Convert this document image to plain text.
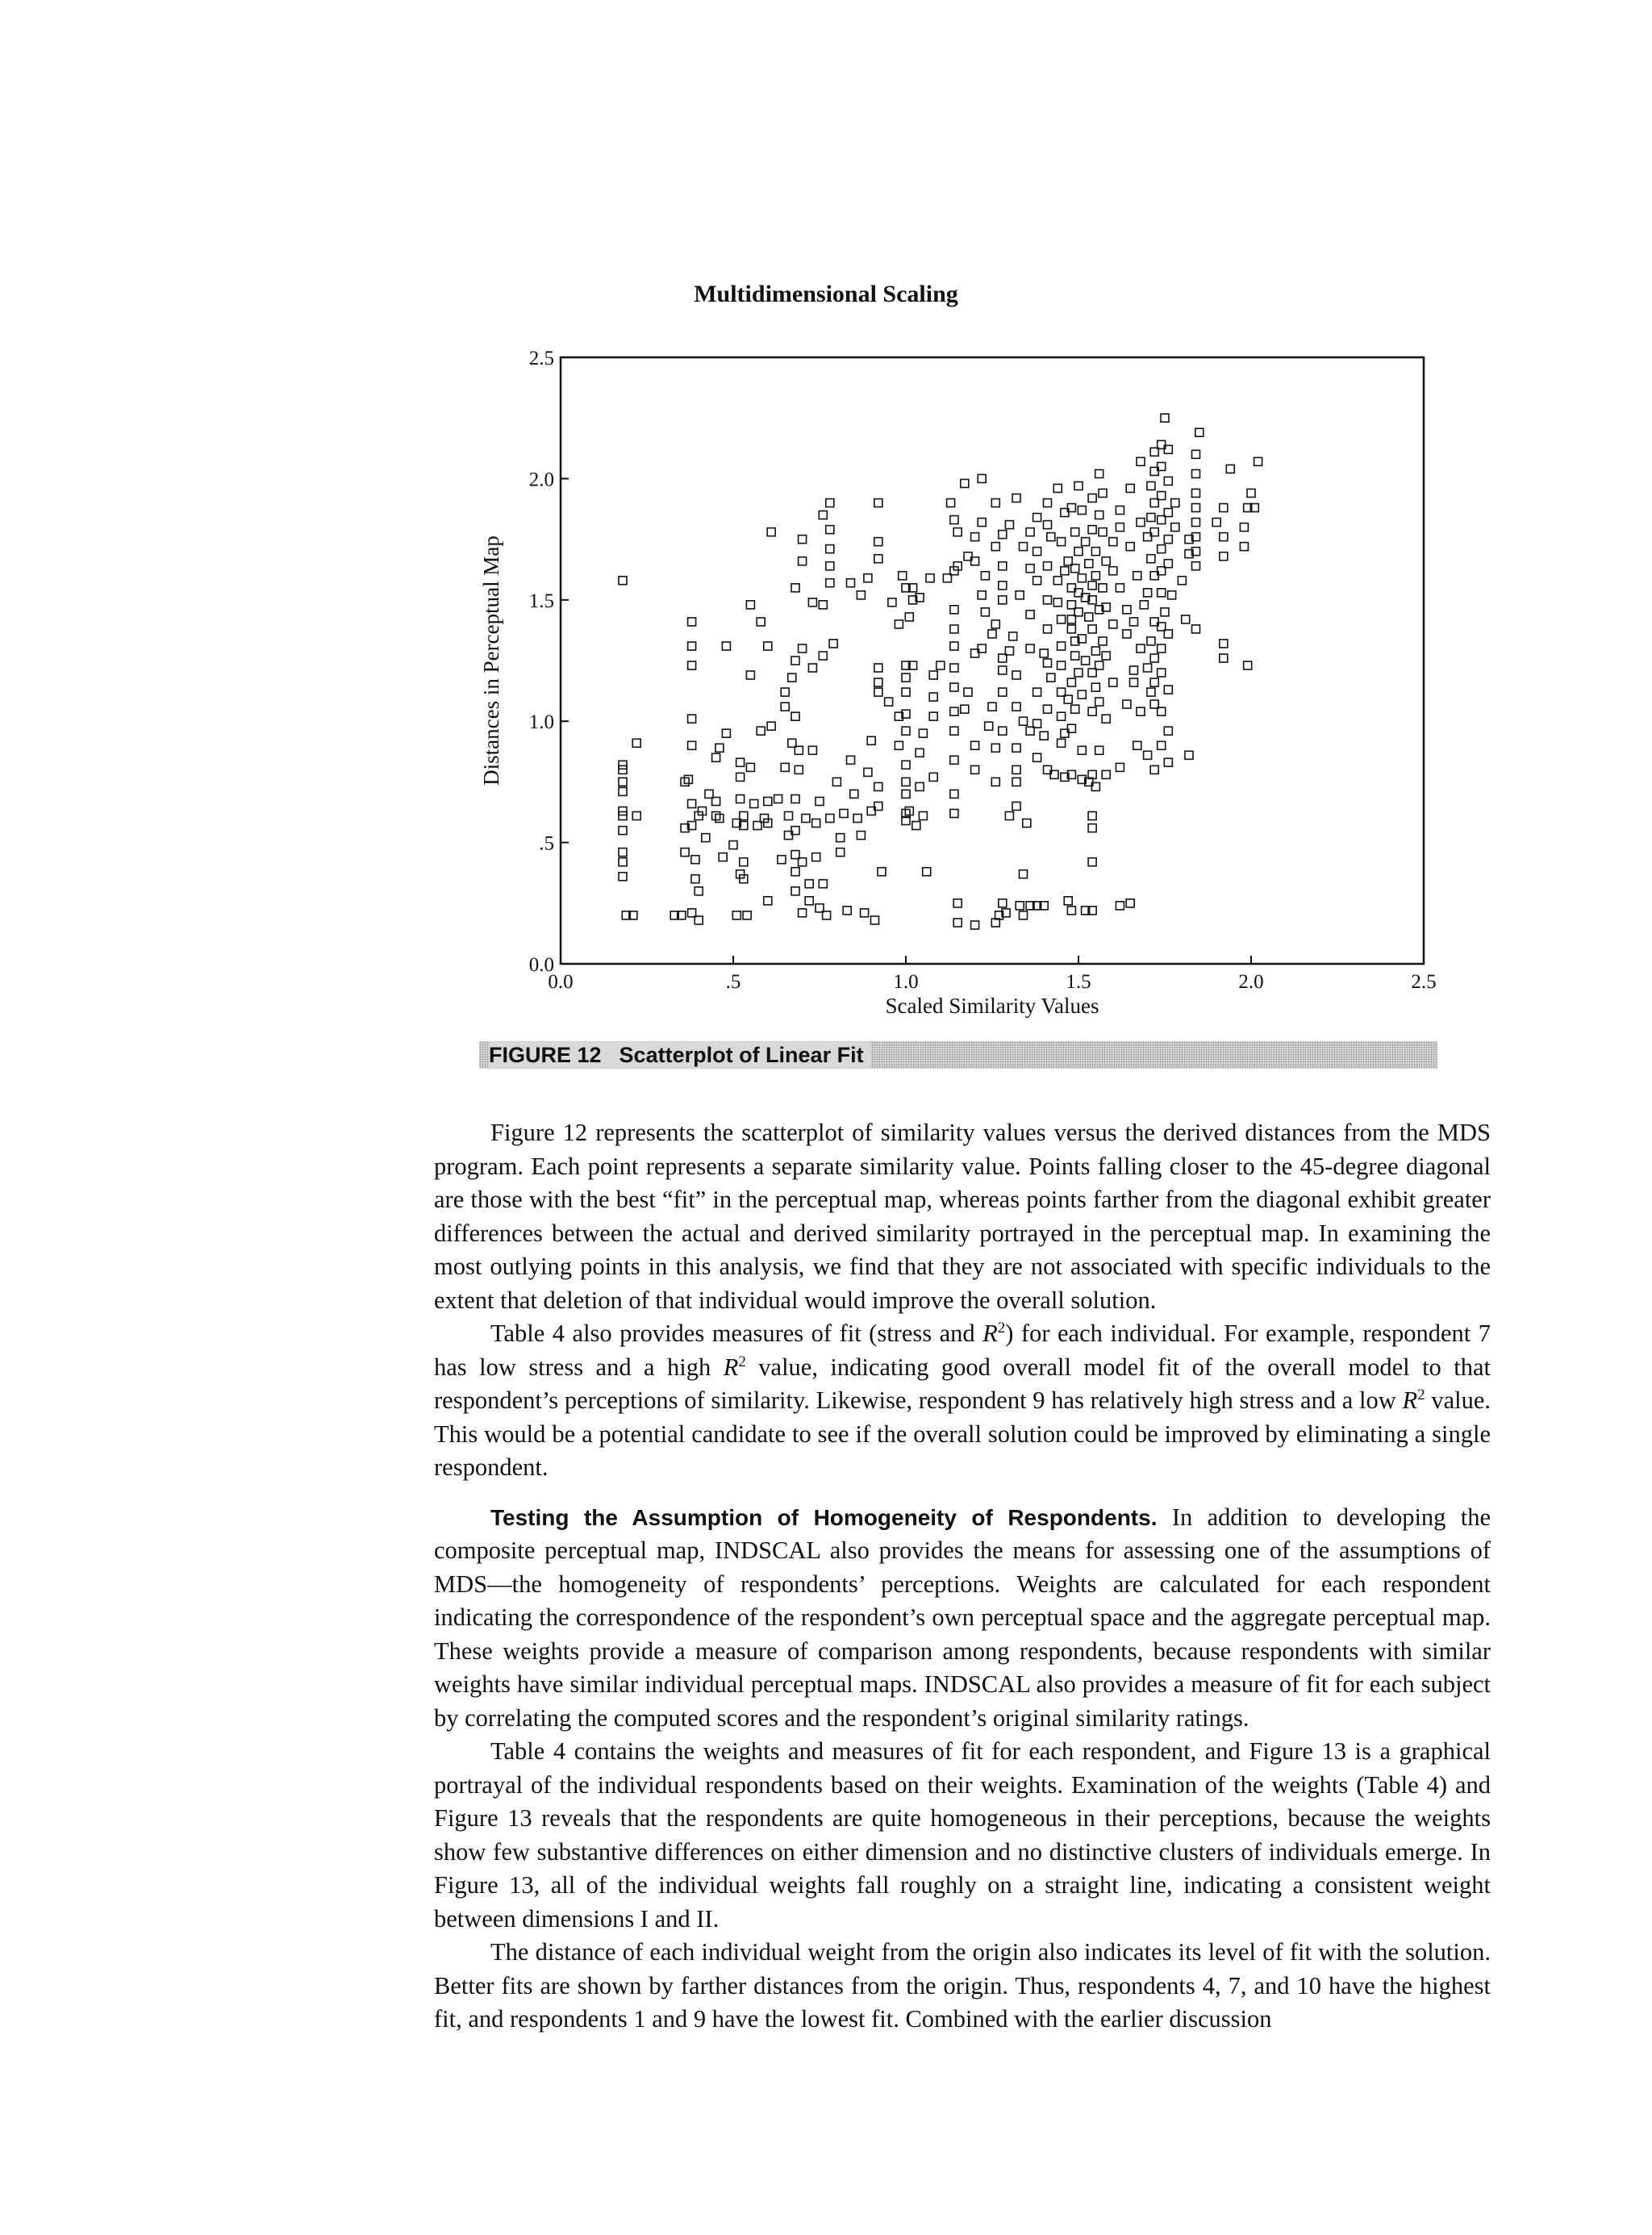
Multidimensional Scaling
0.0	.5	1.0	1.5	2.0	2.5
0.0
.5
1.0
1.5
2.0
2.5
Scaled Similarity Values
Distances in Perceptual Map
FIGURE 12 Scatterplot of Linear Fit

Figure 12 represents the scatterplot of similarity values versus the derived distances from the MDS program. Each point represents a separate similarity value. Points falling closer to the 45-degree diagonal are those with the best “fit” in the perceptual map, whereas points farther from the diagonal exhibit greater differences between the actual and derived similarity portrayed in the perceptual map. In examining the most outlying points in this analysis, we find that they are not associated with specific individuals to the extent that deletion of that individual would improve the overall solution.

Table 4 also provides measures of fit (stress and $R^2$) for each individual. For example, respondent 7 has low stress and a high $R^2$ value, indicating good overall model fit of the overall model to that respondent’s perceptions of similarity. Likewise, respondent 9 has relatively high stress and a low $R^2$ value. This would be a potential candidate to see if the overall solution could be improved by eliminating a single respondent.

Testing the Assumption of Homogeneity of Respondents. In addition to developing the composite perceptual map, INDSCAL also provides the means for assessing one of the assumptions of MDS—the homogeneity of respondents’ perceptions. Weights are calculated for each respondent indicating the correspondence of the respondent’s own perceptual space and the aggregate perceptual map. These weights provide a measure of comparison among respondents, because respondents with similar weights have similar individual perceptual maps. INDSCAL also provides a measure of fit for each subject by correlating the computed scores and the respondent’s original similarity ratings.

Table 4 contains the weights and measures of fit for each respondent, and Figure 13 is a graphical portrayal of the individual respondents based on their weights. Examination of the weights (Table 4) and Figure 13 reveals that the respondents are quite homogeneous in their perceptions, because the weights show few substantive differences on either dimension and no distinctive clusters of individuals emerge. In Figure 13, all of the individual weights fall roughly on a straight line, indicating a consistent weight between dimensions I and II.

The distance of each individual weight from the origin also indicates its level of fit with the solution. Better fits are shown by farther distances from the origin. Thus, respondents 4, 7, and 10 have the highest fit, and respondents 1 and 9 have the lowest fit. Combined with the earlier discussion
